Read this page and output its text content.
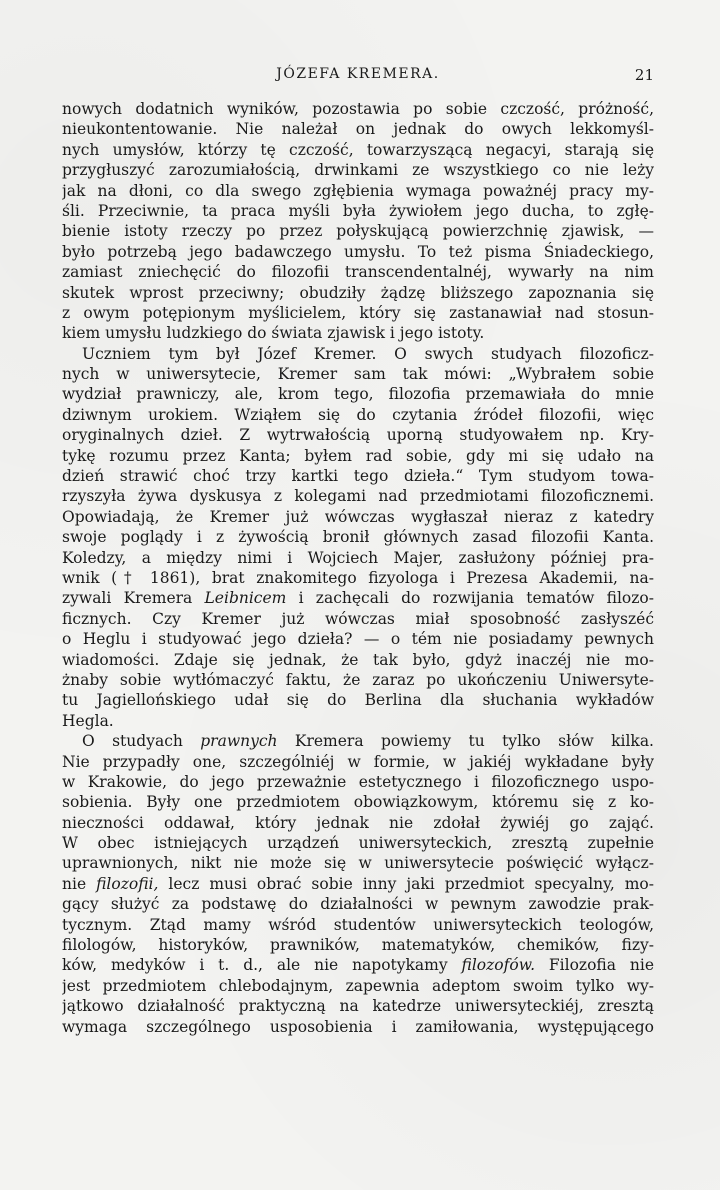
JÓZEFA KREMERA.	21
nowych dodatnich wyników, pozostawia po sobie czczość, próżność,
nieukontentowanie. Nie należał on jednak do owych lekkomyśl-
nych umysłów, którzy tę czczość, towarzyszącą negacyi, starają się
przygłuszyć zarozumiałością, drwinkami ze wszystkiego co nie leży
jak na dłoni, co dla swego zgłębienia wymaga poważnéj pracy my-
śli. Przeciwnie, ta praca myśli była żywiołem jego ducha, to zgłę-
bienie istoty rzeczy po przez połyskującą powierzchnię zjawisk, —
było potrzebą jego badawczego umysłu. To też pisma Śniadeckiego,
zamiast zniechęcić do filozofii transcendentalnéj, wywarły na nim
skutek wprost przeciwny; obudziły żądzę bliższego zapoznania się
z owym potępionym myślicielem, który się zastanawiał nad stosun-
kiem umysłu ludzkiego do świata zjawisk i jego istoty.
Uczniem tym był Józef Kremer. O swych studyach filozoficz-
nych w uniwersytecie, Kremer sam tak mówi: „Wybrałem sobie
wydział prawniczy, ale, krom tego, filozofia przemawiała do mnie
dziwnym urokiem. Wziąłem się do czytania źródeł filozofii, więc
oryginalnych dzieł. Z wytrwałością uporną studyowałem np. Kry-
tykę rozumu przez Kanta; byłem rad sobie, gdy mi się udało na
dzień strawić choć trzy kartki tego dzieła.“ Tym studyom towa-
rzyszyła żywa dyskusya z kolegami nad przedmiotami filozoficznemi.
Opowiadają, że Kremer już wówczas wygłaszał nieraz z katedry
swoje poglądy i z żywością bronił głównych zasad filozofii Kanta.
Koledzy, a między nimi i Wojciech Majer, zasłużony później pra-
wnik († 1861), brat znakomitego fizyologa i Prezesa Akademii, na-
zywali Kremera Leibnicem i zachęcali do rozwijania tematów filozo-
ficznych. Czy Kremer już wówczas miał sposobność zasłyszéć
o Heglu i studyować jego dzieła? — o tém nie posiadamy pewnych
wiadomości. Zdaje się jednak, że tak było, gdyż inaczéj nie mo-
żnaby sobie wytłómaczyć faktu, że zaraz po ukończeniu Uniwersyte-
tu Jagiellońskiego udał się do Berlina dla słuchania wykładów
Hegla.
O studyach prawnych Kremera powiemy tu tylko słów kilka.
Nie przypadły one, szczególniéj w formie, w jakiéj wykładane były
w Krakowie, do jego przeważnie estetycznego i filozoficznego uspo-
sobienia. Były one przedmiotem obowiązkowym, któremu się z ko-
nieczności oddawał, który jednak nie zdołał żywiéj go zająć.
W obec istniejących urządzeń uniwersyteckich, zresztą zupełnie
uprawnionych, nikt nie może się w uniwersytecie poświęcić wyłącz-
nie filozofii, lecz musi obrać sobie inny jaki przedmiot specyalny, mo-
gący służyć za podstawę do działalności w pewnym zawodzie prak-
tycznym. Ztąd mamy wśród studentów uniwersyteckich teologów,
filologów, historyków, prawników, matematyków, chemików, fizy-
ków, medyków i t. d., ale nie napotykamy filozofów. Filozofia nie
jest przedmiotem chlebodajnym, zapewnia adeptom swoim tylko wy-
jątkowo działalność praktyczną na katedrze uniwersyteckiéj, zresztą
wymaga szczególnego usposobienia i zamiłowania, występującego
